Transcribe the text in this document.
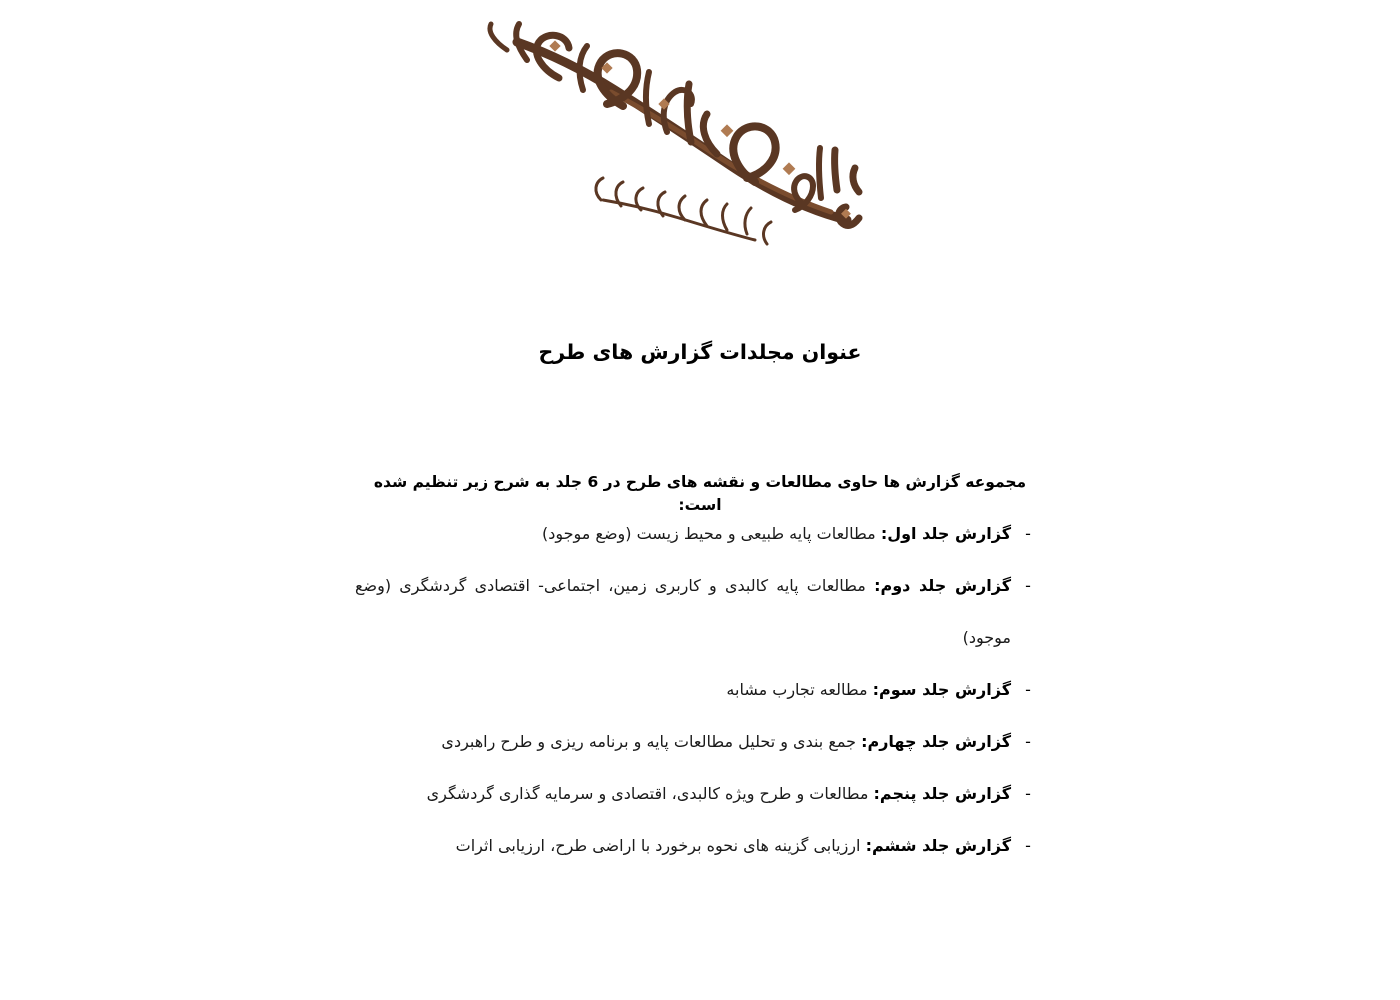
عنوان مجلدات گزارش های طرح

مجموعه گزارش ها حاوی مطالعات و نقشه های طرح در 6 جلد به شرح زیر تنظیم شده است:

-
گزارش جلد اول: مطالعات پایه طبیعی و محیط زیست (وضع موجود)
-
گزارش جلد دوم: مطالعات پایه کالبدی و کاربری زمین، اجتماعی- اقتصادی گردشگری (وضع موجود)
-
گزارش جلد سوم: مطالعه تجارب مشابه
-
گزارش جلد چهارم: جمع بندی و تحلیل مطالعات پایه و برنامه ریزی و طرح راهبردی
-
گزارش جلد پنجم: مطالعات و طرح ویژه کالبدی، اقتصادی و سرمایه گذاری گردشگری
-
گزارش جلد ششم: ارزیابی گزینه های نحوه برخورد با اراضی طرح، ارزیابی اثرات
